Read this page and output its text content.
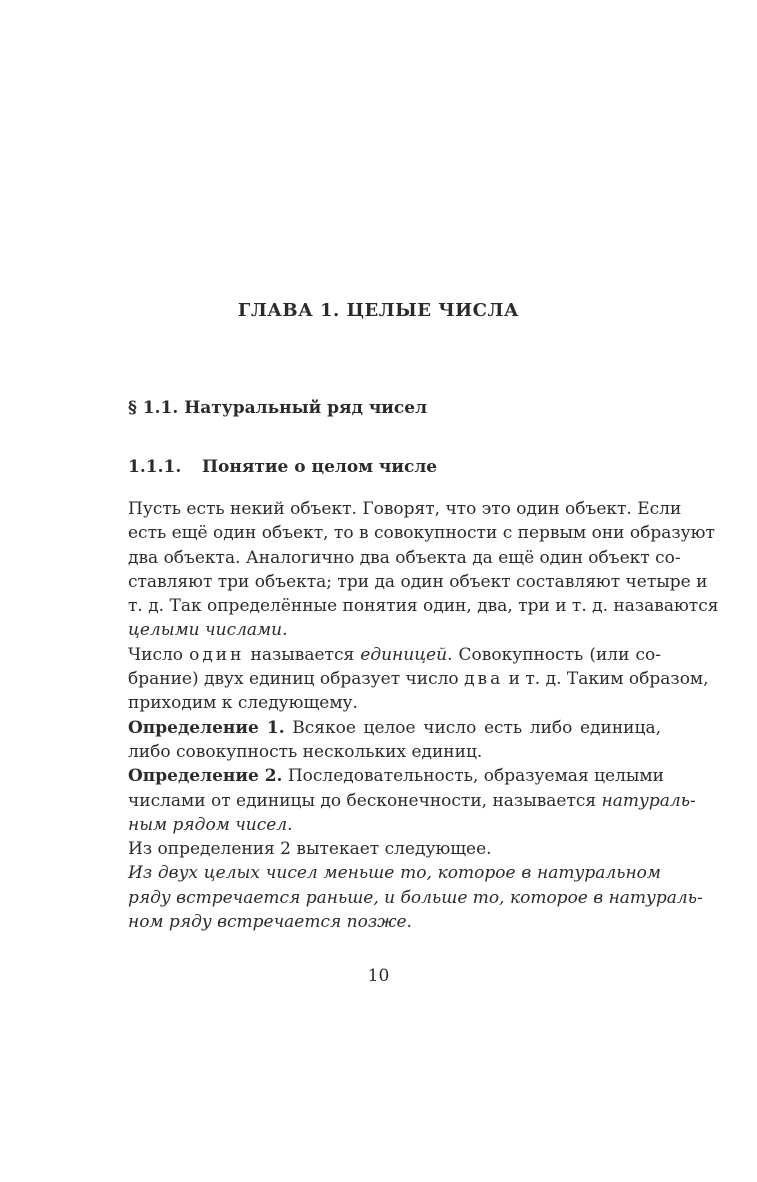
ГЛАВА 1. ЦЕЛЫЕ ЧИСЛА
§ 1.1. Натуральный ряд чисел
1.1.1. Понятие о целом числе
Пусть есть некий объект. Говорят, что это один объект. Если
есть ещё один объект, то в совокупности с первым они образуют
два объекта. Аналогично два объекта да ещё один объект со-
ставляют три объекта; три да один объект составляют четыре и
т. д. Так определённые понятия один, два, три и т. д. назаваются
целыми числами.
Число один называется единицей. Совокупность (или со-
брание) двух единиц образует число два и т. д. Таким образом,
приходим к следующему.
Определение 1. Всякое целое число есть либо единица,
либо совокупность нескольких единиц.
Определение 2. Последовательность, образуемая целыми
числами от единицы до бесконечности, называется натураль-
ным рядом чисел.
Из определения 2 вытекает следующее.
Из двух целых чисел меньше то, которое в натуральном
ряду встречается раньше, и больше то, которое в натураль-
ном ряду встречается позже.
10
